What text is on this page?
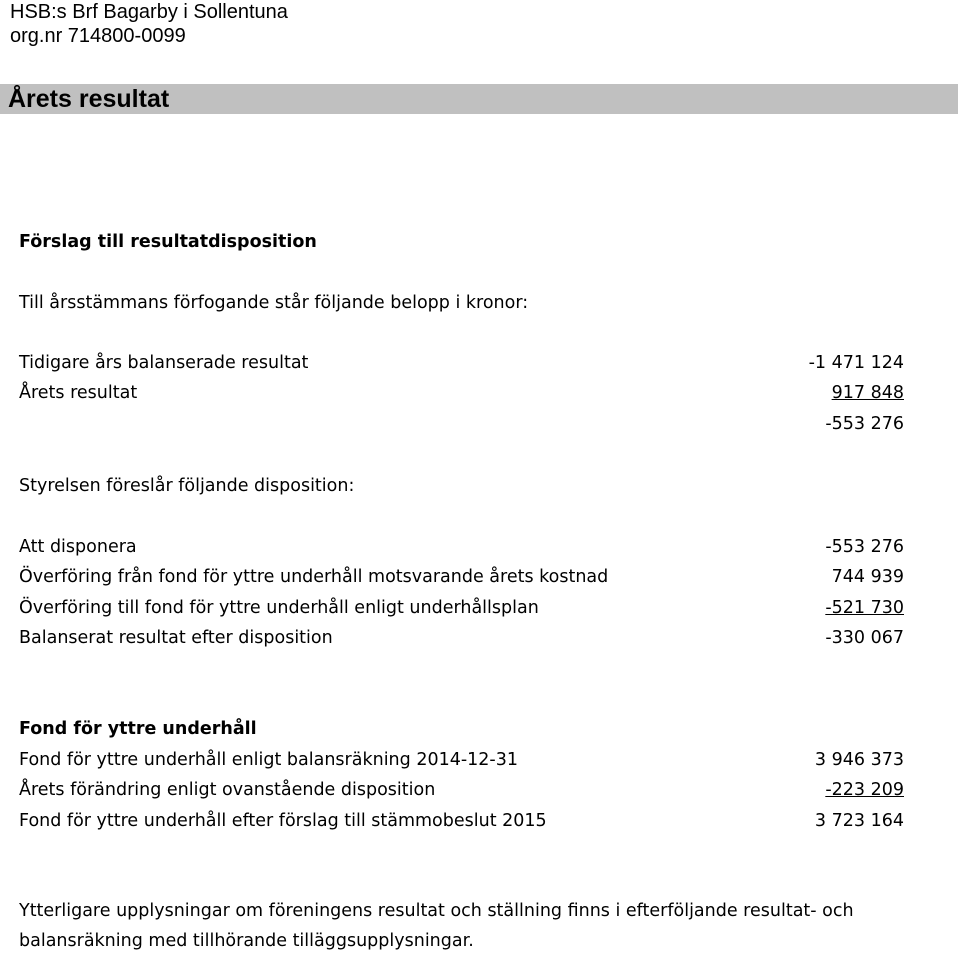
HSB:s Brf Bagarby i Sollentuna
org.nr 714800-0099
Årets resultat
Förslag till resultatdisposition
Till årsstämmans förfogande står följande belopp i kronor:
Tidigare års balanserade resultat	-1 471 124
Årets resultat	917 848
-553 276
Styrelsen föreslår följande disposition:
Att disponera	-553 276
Överföring från fond för yttre underhåll motsvarande årets kostnad	744 939
Överföring till fond för yttre underhåll enligt underhållsplan	-521 730
Balanserat resultat efter disposition	-330 067
Fond för yttre underhåll
Fond för yttre underhåll enligt balansräkning 2014-12-31	3 946 373
Årets förändring enligt ovanstående disposition	-223 209
Fond för yttre underhåll efter förslag till stämmobeslut 2015	3 723 164
Ytterligare upplysningar om föreningens resultat och ställning finns i efterföljande resultat- och
balansräkning med tillhörande tilläggsupplysningar.
